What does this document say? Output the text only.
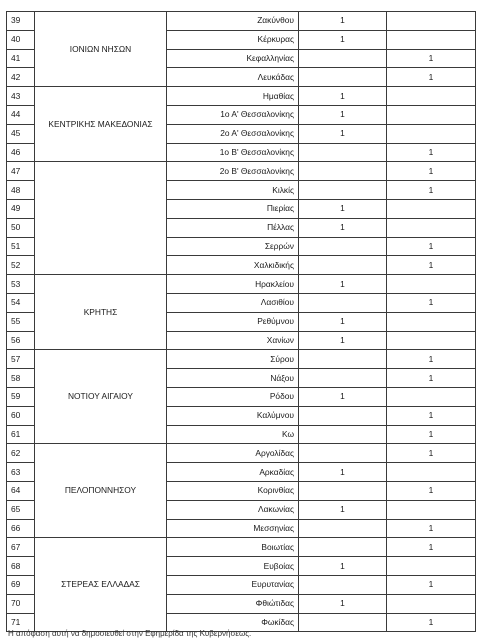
39	ΙΟΝΙΩΝ ΝΗΣΩΝ	Ζακύνθου	1	
40		Κέρκυρας	1	
41		Κεφαλληνίας		1
42		Λευκάδας		1
43	ΚΕΝΤΡΙΚΗΣ ΜΑΚΕΔΟΝΙΑΣ	Ημαθίας	1	
44		1ο Α' Θεσσαλονίκης	1	
45		2ο Α' Θεσσαλονίκης	1	
46		1ο Β' Θεσσαλονίκης		1
47		2ο Β' Θεσσαλονίκης		1
48		Κιλκίς		1
49		Πιερίας	1	
50		Πέλλας	1	
51		Σερρών		1
52		Χαλκιδικής		1
53	ΚΡΗΤΗΣ	Ηρακλείου	1	
54		Λασιθίου		1
55		Ρεθύμνου	1	
56		Χανίων	1	
57	ΝΟΤΙΟΥ ΑΙΓΑΙΟΥ	Σύρου		1
58		Νάξου		1
59		Ρόδου	1	
60		Καλύμνου		1
61		Κω		1
62	ΠΕΛΟΠΟΝΝΗΣΟΥ	Αργολίδας		1
63		Αρκαδίας	1	
64		Κορινθίας		1
65		Λακωνίας	1	
66		Μεσσηνίας		1
67	ΣΤΕΡΕΑΣ ΕΛΛΑΔΑΣ	Βοιωτίας		1
68		Ευβοίας	1	
69		Ευρυτανίας		1
70		Φθιώτιδας	1	
71		Φωκίδας		1
Η απόφαση αυτή να δημοσιευθεί στην Εφημερίδα της Κυβερνήσεως.
